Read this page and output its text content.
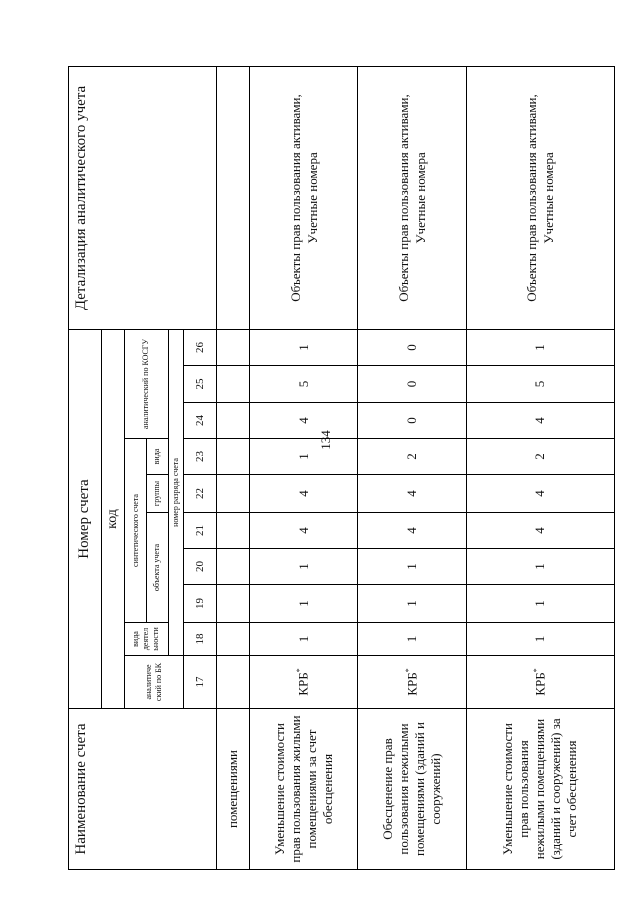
134
Наименование счета	Номер счета										Детализация аналитического учета
	код										
	аналитиче ский по БК	вида деятел ьности	синтетического счета					аналитический по КОСГУ			
			объекта учета			группы	вида				
		номер разряда счета									
	17	18	19	20	21	22	23	24	25	26	
помещениями											
Уменьшение стоимости прав пользования жилыми помещениями за счет обесценения	КРБ*	1	1	1	4	4	1	4	5	1	Объекты прав пользования активами, Учетные номера
Обесценение прав пользования нежилыми помещениями (зданий и сооружений)	КРБ*	1	1	1	4	4	2	0	0	0	Объекты прав пользования активами, Учетные номера
Уменьшение стоимости прав пользования нежилыми помещениями (зданий и сооружений) за счет обесценения	КРБ*	1	1	1	4	4	2	4	5	1	Объекты прав пользования активами, Учетные номера
